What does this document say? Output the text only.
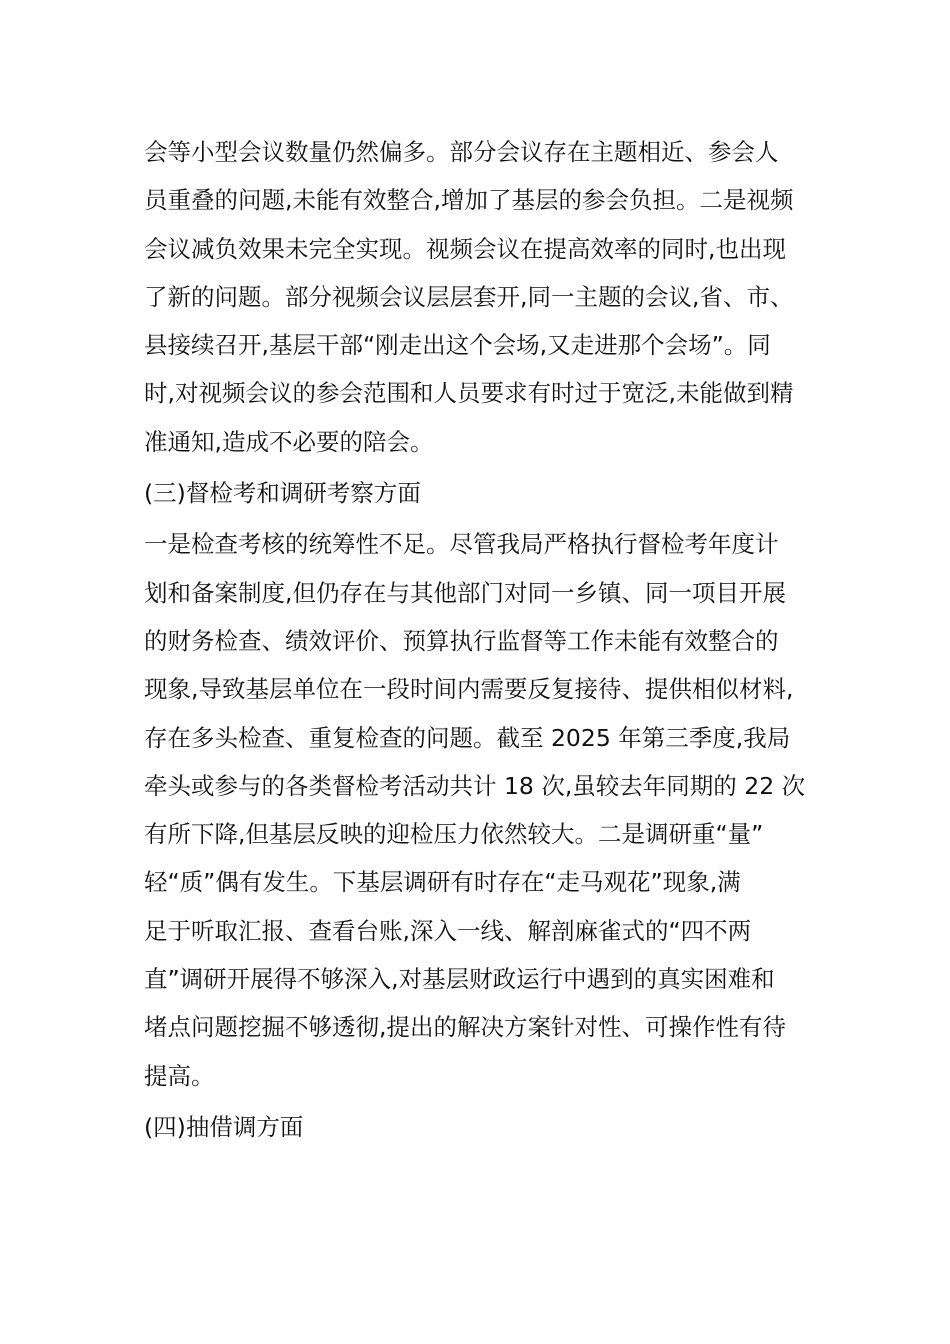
会等小型会议数量仍然偏多。部分会议存在主题相近、参会人
员重叠的问题,未能有效整合,增加了基层的参会负担。二是视频
会议减负效果未完全实现。视频会议在提高效率的同时,也出现
了新的问题。部分视频会议层层套开,同一主题的会议,省、市、
县接续召开,基层干部“刚走出这个会场,又走进那个会场”。同
时,对视频会议的参会范围和人员要求有时过于宽泛,未能做到精
准通知,造成不必要的陪会。
(三)督检考和调研考察方面
一是检查考核的统筹性不足。尽管我局严格执行督检考年度计
划和备案制度,但仍存在与其他部门对同一乡镇、同一项目开展
的财务检查、绩效评价、预算执行监督等工作未能有效整合的
现象,导致基层单位在一段时间内需要反复接待、提供相似材料,
存在多头检查、重复检查的问题。截至 2025 年第三季度,我局
牵头或参与的各类督检考活动共计 18 次,虽较去年同期的 22 次
有所下降,但基层反映的迎检压力依然较大。二是调研重“量”
轻“质”偶有发生。下基层调研有时存在“走马观花”现象,满
足于听取汇报、查看台账,深入一线、解剖麻雀式的“四不两
直”调研开展得不够深入,对基层财政运行中遇到的真实困难和
堵点问题挖掘不够透彻,提出的解决方案针对性、可操作性有待
提高。
(四)抽借调方面
